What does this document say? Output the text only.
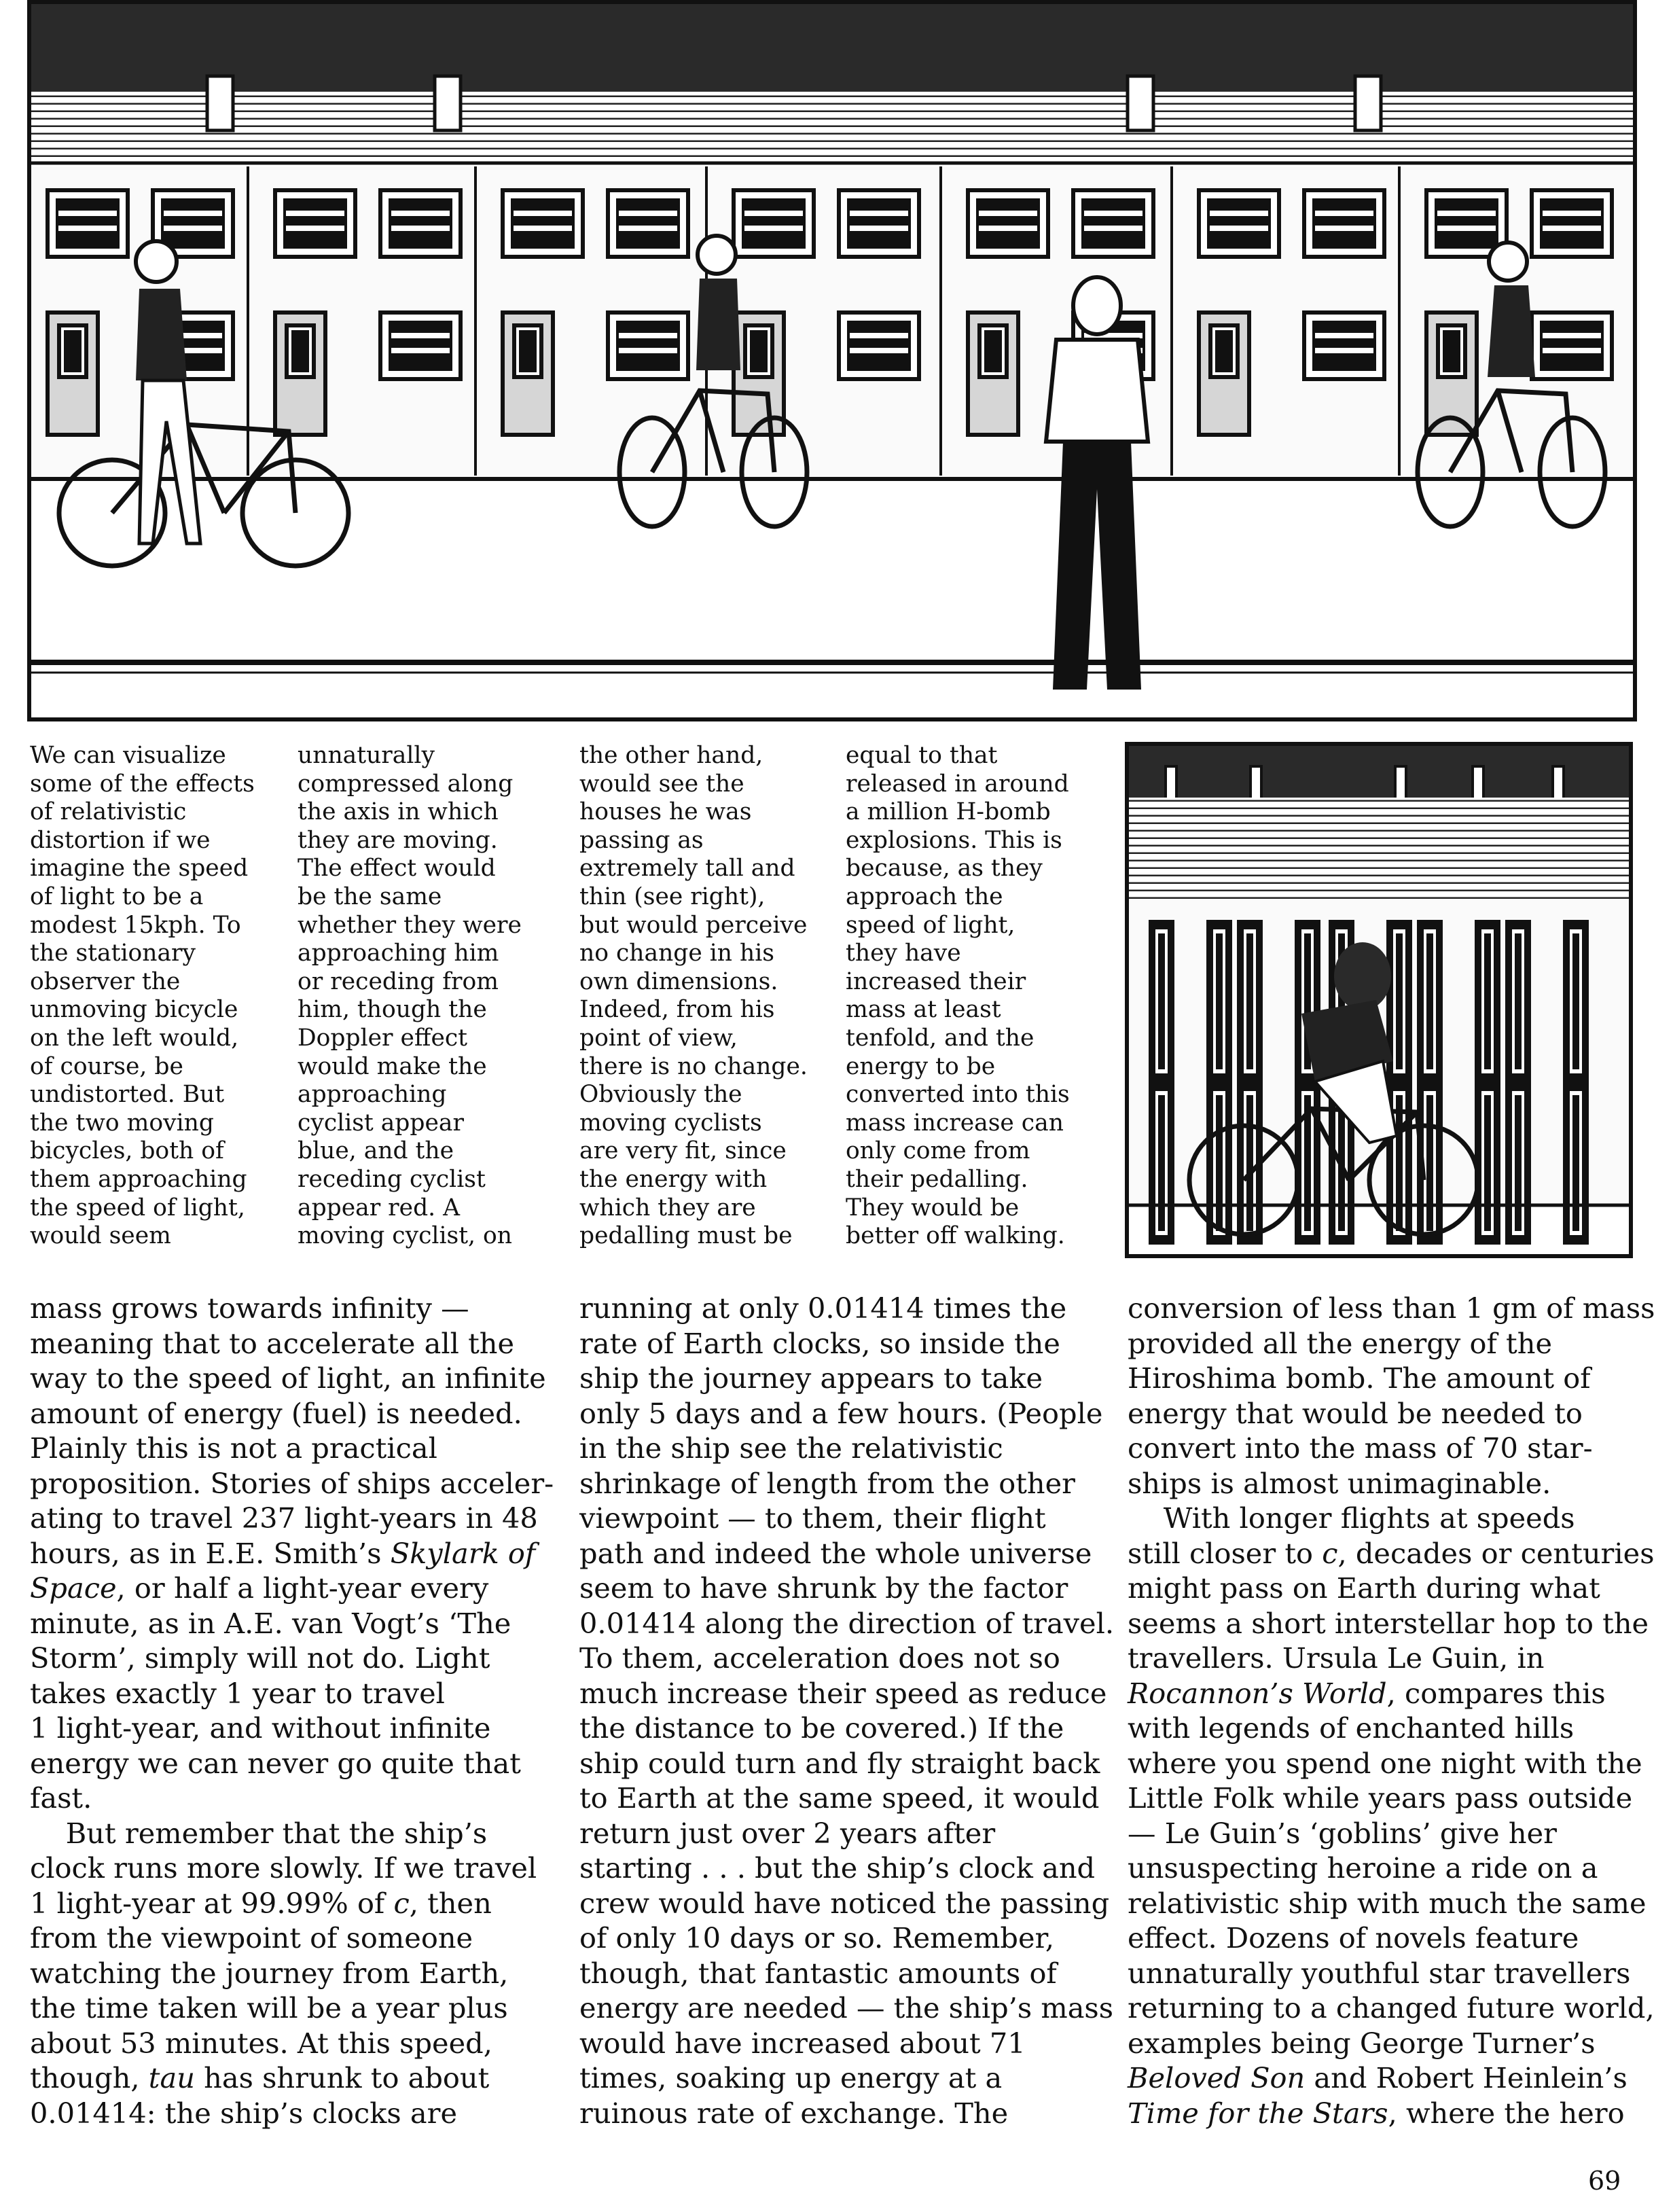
We can visualize
some of the effects
of relativistic
distortion if we
imagine the speed
of light to be a
modest 15kph. To
the stationary
observer the
unmoving bicycle
on the left would,
of course, be
undistorted. But
the two moving
bicycles, both of
them approaching
the speed of light,
would seem

unnaturally
compressed along
the axis in which
they are moving.
The effect would
be the same
whether they were
approaching him
or receding from
him, though the
Doppler effect
would make the
approaching
cyclist appear
blue, and the
receding cyclist
appear red. A
moving cyclist, on

the other hand,
would see the
houses he was
passing as
extremely tall and
thin (see right),
but would perceive
no change in his
own dimensions.
Indeed, from his
point of view,
there is no change.
Obviously the
moving cyclists
are very fit, since
the energy with
which they are
pedalling must be

equal to that
released in around
a million H-bomb
explosions. This is
because, as they
approach the
speed of light,
they have
increased their
mass at least
tenfold, and the
energy to be
converted into this
mass increase can
only come from
their pedalling.
They would be
better off walking.

mass grows towards infinity —
meaning that to accelerate all the
way to the speed of light, an infinite
amount of energy (fuel) is needed.
Plainly this is not a practical
proposition. Stories of ships acceler-
ating to travel 237 light-years in 48
hours, as in E.E. Smith’s Skylark of
Space, or half a light-year every
minute, as in A.E. van Vogt’s ‘The
Storm’, simply will not do. Light
takes exactly 1 year to travel
1 light-year, and without infinite
energy we can never go quite that
fast.
But remember that the ship’s
clock runs more slowly. If we travel
1 light-year at 99.99% of c, then
from the viewpoint of someone
watching the journey from Earth,
the time taken will be a year plus
about 53 minutes. At this speed,
though, tau has shrunk to about
0.01414: the ship’s clocks are

running at only 0.01414 times the
rate of Earth clocks, so inside the
ship the journey appears to take
only 5 days and a few hours. (People
in the ship see the relativistic
shrinkage of length from the other
viewpoint — to them, their flight
path and indeed the whole universe
seem to have shrunk by the factor
0.01414 along the direction of travel.
To them, acceleration does not so
much increase their speed as reduce
the distance to be covered.) If the
ship could turn and fly straight back
to Earth at the same speed, it would
return just over 2 years after
starting . . . but the ship’s clock and
crew would have noticed the passing
of only 10 days or so. Remember,
though, that fantastic amounts of
energy are needed — the ship’s mass
would have increased about 71
times, soaking up energy at a
ruinous rate of exchange. The

conversion of less than 1 gm of mass
provided all the energy of the
Hiroshima bomb. The amount of
energy that would be needed to
convert into the mass of 70 star-
ships is almost unimaginable.
With longer flights at speeds
still closer to c, decades or centuries
might pass on Earth during what
seems a short interstellar hop to the
travellers. Ursula Le Guin, in
Rocannon’s World, compares this
with legends of enchanted hills
where you spend one night with the
Little Folk while years pass outside
— Le Guin’s ‘goblins’ give her
unsuspecting heroine a ride on a
relativistic ship with much the same
effect. Dozens of novels feature
unnaturally youthful star travellers
returning to a changed future world,
examples being George Turner’s
Beloved Son and Robert Heinlein’s
Time for the Stars, where the hero

69
